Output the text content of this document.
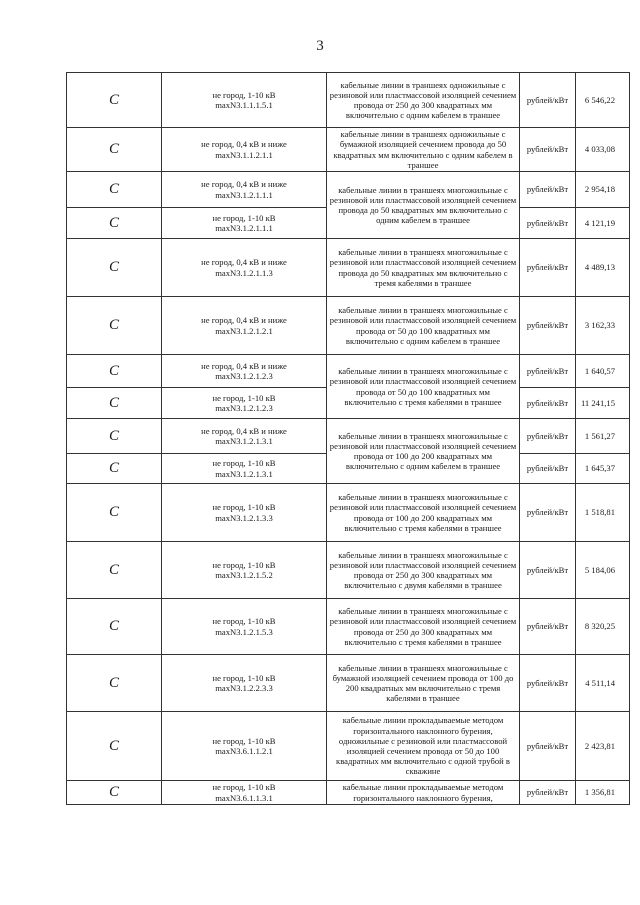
3
C	не город, 1-10 кВ
maxN3.1.1.1.5.1	кабельные линии в траншеях одножильные с резиновой или пластмассовой изоляцией сечением провода от 250 до 300 квадратных мм включительно с одним кабелем в траншее	рублей/кВт	6 546,22
C	не город, 0,4 кВ и ниже
maxN3.1.1.2.1.1	кабельные линии в траншеях одножильные с бумажной изоляцией сечением провода до 50 квадратных мм включительно с одним кабелем в траншее	рублей/кВт	4 033,08
C	не город, 0,4 кВ и ниже
maxN3.1.2.1.1.1	кабельные линии в траншеях многожильные с резиновой или пластмассовой изоляцией сечением провода до 50 квадратных мм включительно с одним кабелем в траншее	рублей/кВт	2 954,18
C	не город, 1-10 кВ
maxN3.1.2.1.1.1		рублей/кВт	4 121,19
C	не город, 0,4 кВ и ниже
maxN3.1.2.1.1.3	кабельные линии в траншеях многожильные с резиновой или пластмассовой изоляцией сечением провода до 50 квадратных мм включительно с тремя кабелями в траншее	рублей/кВт	4 489,13
C	не город, 0,4 кВ и ниже
maxN3.1.2.1.2.1	кабельные линии в траншеях многожильные с резиновой или пластмассовой изоляцией сечением провода от 50 до 100 квадратных мм включительно с одним кабелем в траншее	рублей/кВт	3 162,33
C	не город, 0,4 кВ и ниже
maxN3.1.2.1.2.3	кабельные линии в траншеях многожильные с резиновой или пластмассовой изоляцией сечением провода от 50 до 100 квадратных мм включительно с тремя кабелями в траншее	рублей/кВт	1 640,57
C	не город, 1-10 кВ
maxN3.1.2.1.2.3		рублей/кВт	11 241,15
C	не город, 0,4 кВ и ниже
maxN3.1.2.1.3.1	кабельные линии в траншеях многожильные с резиновой или пластмассовой изоляцией сечением провода от 100 до 200 квадратных мм включительно с одним кабелем в траншее	рублей/кВт	1 561,27
C	не город, 1-10 кВ
maxN3.1.2.1.3.1		рублей/кВт	1 645,37
C	не город, 1-10 кВ
maxN3.1.2.1.3.3	кабельные линии в траншеях многожильные с резиновой или пластмассовой изоляцией сечением провода от 100 до 200 квадратных мм включительно с тремя кабелями в траншее	рублей/кВт	1 518,81
C	не город, 1-10 кВ
maxN3.1.2.1.5.2	кабельные линии в траншеях многожильные с резиновой или пластмассовой изоляцией сечением провода от 250 до 300 квадратных мм включительно с двумя кабелями в траншее	рублей/кВт	5 184,06
C	не город, 1-10 кВ
maxN3.1.2.1.5.3	кабельные линии в траншеях многожильные с резиновой или пластмассовой изоляцией сечением провода от 250 до 300 квадратных мм включительно с тремя кабелями в траншее	рублей/кВт	8 320,25
C	не город, 1-10 кВ
maxN3.1.2.2.3.3	кабельные линии в траншеях многожильные с бумажной изоляцией сечением провода от 100 до 200 квадратных мм включительно с тремя кабелями в траншее	рублей/кВт	4 511,14
C	не город, 1-10 кВ
maxN3.6.1.1.2.1	кабельные линии прокладываемые методом горизонтального наклонного бурения, одножильные с резиновой или пластмассовой изоляцией сечением провода от 50 до 100 квадратных мм включительно с одной трубой в скважине	рублей/кВт	2 423,81
C	не город, 1-10 кВ
maxN3.6.1.1.3.1	кабельные линии прокладываемые методом горизонтального наклонного бурения,	рублей/кВт	1 356,81
